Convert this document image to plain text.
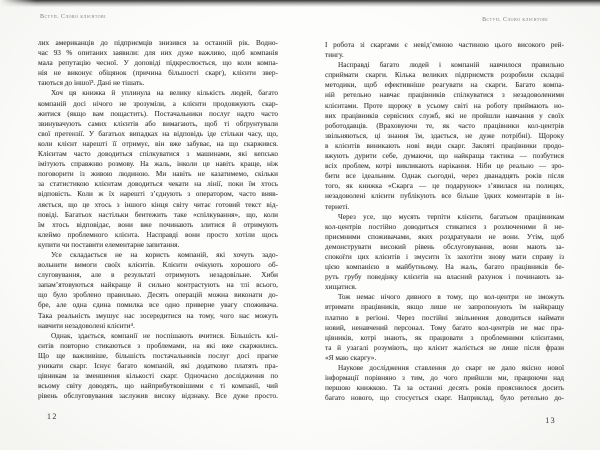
Вступ. Слово клієнтові	Вступ. Слово клієнтові
лих американців до підприємців знизився за останній рік. Водно-
час 93 % опитаних заявили: для них дуже важливо, щоб компанія
мала репутацію чесної. У доповіді підкреслюється, що коли компа-
нія не виконує обіцянок (причина більшості скарг), клієнти звер-
таються до іншої³. Дані не тішать.
Хоч ця книжка й уплинула на велику кількість людей, багато
компаній досі нічого не зрозуміли, а клієнти продовжують скар-
житися (якщо вам пощастить). Постачальники послуг надто часто
звинувачують самих клієнтів або вимагають, щоб ті обґрунтували
свої претензії. У багатьох випадках на відповідь іде стільки часу, що,
коли клієнт нарешті її отримує, він вже забуває, на що скаржився.
Клієнтам часто доводиться спілкуватися з машинами, які кепсько
імітують справжню розмову. На жаль, інколи це навіть краще, ніж
поговорити із живою людиною. Ми навіть не казатимемо, скільки
за статистикою клієнтам доводиться чекати на лінії, поки їм хтось
відповість. Коли ж їх нарешті з’єднують з оператором, часто вияв-
ляється, що це хтось з іншого кінця світу читає готовий текст від-
повіді. Багатьох настільки бентежить таке «спілкування», що, коли
їм хтось відповідає, вони вже починають злитися й отримують
клеймо проблемного клієнта. Насправді вони просто хотіли щось
купити чи поставити елементарне запитання.
Усе складається не на користь компаній, які хочуть задо-
вольнити вимоги своїх клієнтів. Клієнти очікують хорошого об-
слуговування, але в результаті отримують незадовільне. Хиби
запам’ятовуються найкраще й сильно контрастують на тлі всього,
що було зроблено правильно. Десять операцій можна виконати до-
бре, але одна єдина помилка все одно приверне увагу споживача.
Така реальність змушує нас зосередитися на тому, чого нас можуть
навчити незадоволені клієнти⁴.
Однак, здається, компанії не поспішають вчитися. Більшість клі-
єнтів повторно стикаються з проблемами, на які вже скаржились.
Що ще важливіше, більшість постачальників послуг досі прагне
уникати скарг. Існує багато компаній, які додатково платять пра-
цівникам за зменшення кількості скарг. Одночасно дослідження по
всьому світу доводять, що найприбутковішими є ті компанії, чий
рівень обслуговування заслужив високу відзнаку. Все дуже просто.
І робота зі скаргами є невід’ємною частиною цього високого рей-
тингу.
Насправді багато людей і компаній навчилося правильно
сприймати скарги. Кілька великих підприємств розробили складні
методики, щоб ефективніше реагувати на скарги. Багато компа-
ній ретельно навчає працівників спілкуватися з незадоволеними
клієнтами. Проте щороку в усьому світі на роботу приймають но-
вих працівників сервісних служб, які не пройшли навчання у своїх
роботодавців. (Враховуючи те, як часто працівники кол-центрів
звільняються, ці знання їм, здається, не дуже потрібні). Щороку
в клієнтів виникають нові види скарг. Закляті працівники продо-
вжують дурити себе, думаючи, що найкраща тактика — позбутися
всіх проблем, котрі викликають нарікання. Ніби це реально — зро-
бити все ідеальним. Однак сьогодні, через дванадцять років після
того, як книжка «Скарга — це подарунок» з’явилася на полицях,
незадоволені клієнти публікують все більше їдких коментарів в ін-
тернеті.
Через усе, що мусять терпіти клієнти, багатьом працівникам
кол-центрів постійно доводиться стикатися з розлюченими й не-
приємними споживачами, яких роздратували не вони. Утім, щоб
демонструвати високий рівень обслуговування, вони мають за-
спокоїти цих клієнтів і змусити їх захотіти знову мати справу із
цією компанією в майбутньому. На жаль, багато працівників бе-
руть грубу поведінку клієнтів на власний рахунок і починають за-
хищатися.
Тож немає нічого дивного в тому, що кол-центри не зможуть
втримати працівників, якщо лише не запропонують їм найкращу
платню в регіоні. Через постійні звільнення доводиться наймати
новий, ненавчений персонал. Тому багато кол-центрів не має пра-
цівників, котрі знають, як працювати з проблемними клієнтами,
та й узагалі розуміють, що клієнт жаліється не лише після фрази
«Я маю скаргу».
Наукове дослідження ставлення до скарг не дало якісно нової
інформації порівняно з тим, до чого прийшли ми, працюючи над
першою книжкою. Та за останні десять років прояснилося досить
багато нового, що стосується скарг. Наприклад, було ретельно до-
12	13
